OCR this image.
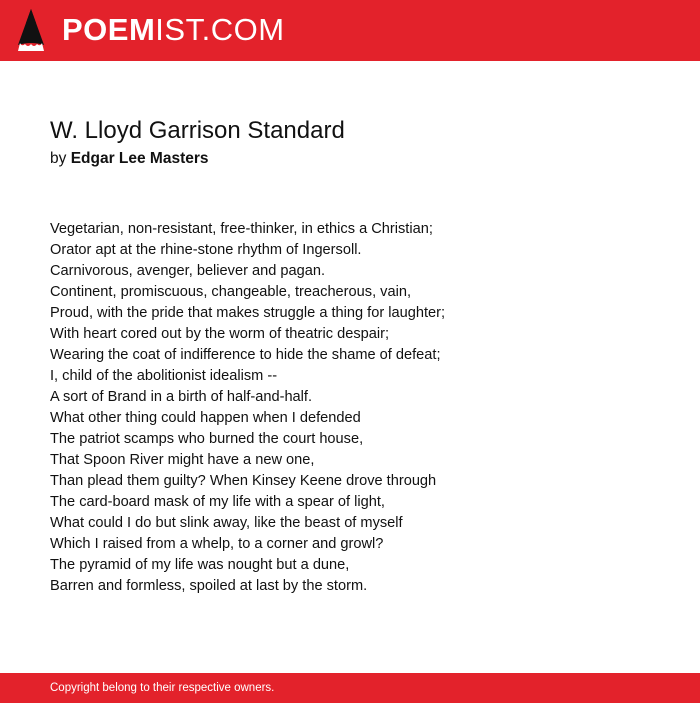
POEMIST.COM
W. Lloyd Garrison Standard
by Edgar Lee Masters
Vegetarian, non-resistant, free-thinker, in ethics a Christian;
Orator apt at the rhine-stone rhythm of Ingersoll.
Carnivorous, avenger, believer and pagan.
Continent, promiscuous, changeable, treacherous, vain,
Proud, with the pride that makes struggle a thing for laughter;
With heart cored out by the worm of theatric despair;
Wearing the coat of indifference to hide the shame of defeat;
I, child of the abolitionist idealism --
A sort of Brand in a birth of half-and-half.
What other thing could happen when I defended
The patriot scamps who burned the court house,
That Spoon River might have a new one,
Than plead them guilty? When Kinsey Keene drove through
The card-board mask of my life with a spear of light,
What could I do but slink away, like the beast of myself
Which I raised from a whelp, to a corner and growl?
The pyramid of my life was nought but a dune,
Barren and formless, spoiled at last by the storm.
Copyright belong to their respective owners.
